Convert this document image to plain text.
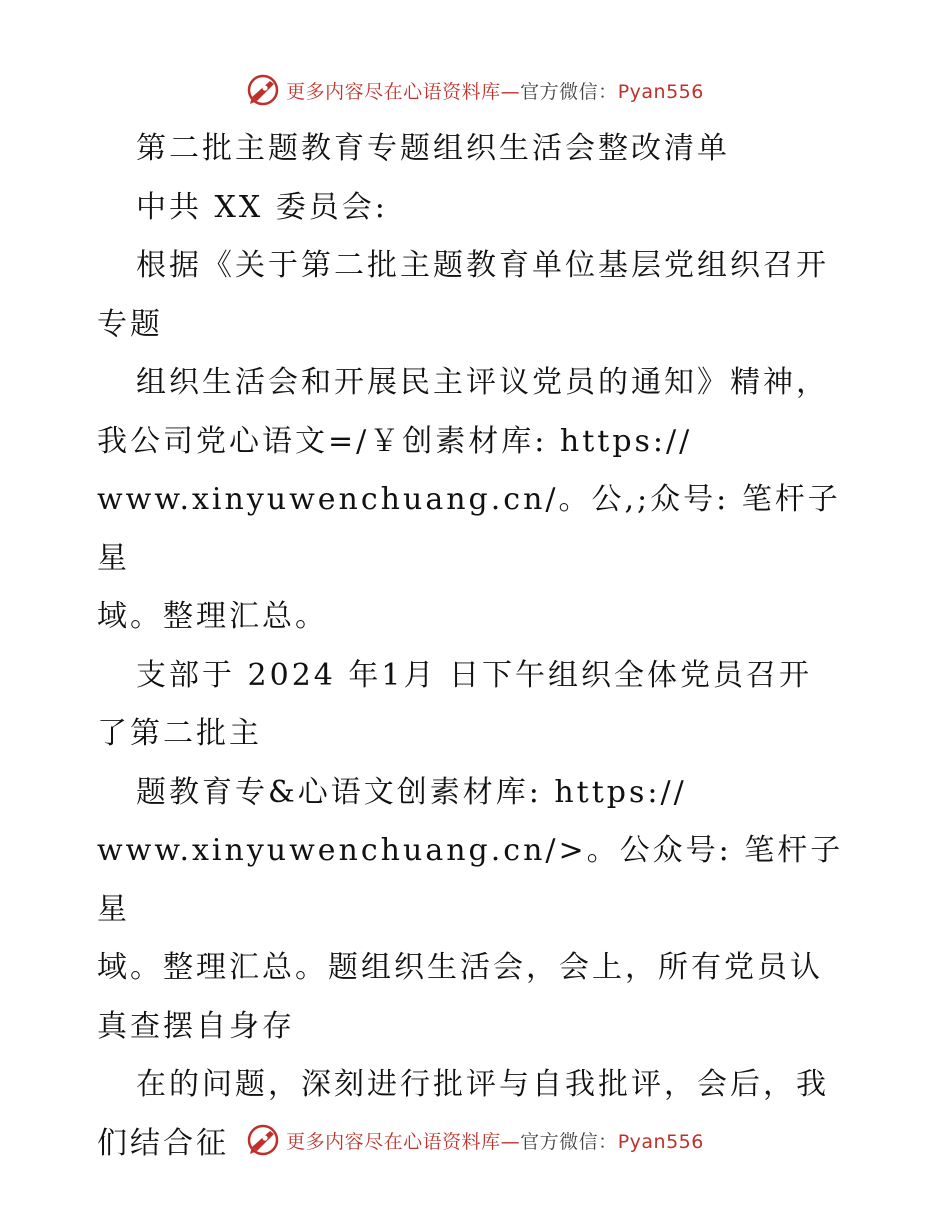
更多内容尽在心语资料库—官方微信：Pyan556

第二批主题教育专题组织生活会整改清单

中共 XX 委员会:

根据《关于第二批主题教育单位基层党组织召开

专题

组织生活会和开展民主评议党员的通知》精神，

我公司党心语文=/￥创素材库: https://

www.xinyuwenchuang.cn/。公,;众号: 笔杆子星

域。整理汇总。

支部于 2024 年1月 日下午组织全体党员召开

了第二批主

题教育专&心语文创素材库: https://

www.xinyuwenchuang.cn/>。公众号: 笔杆子星

域。整理汇总。题组织生活会，会上，所有党员认

真查摆自身存

在的问题，深刻进行批评与自我批评，会后，我

们结合征	更多内容尽在心语资料库—官方微信：Pyan556
